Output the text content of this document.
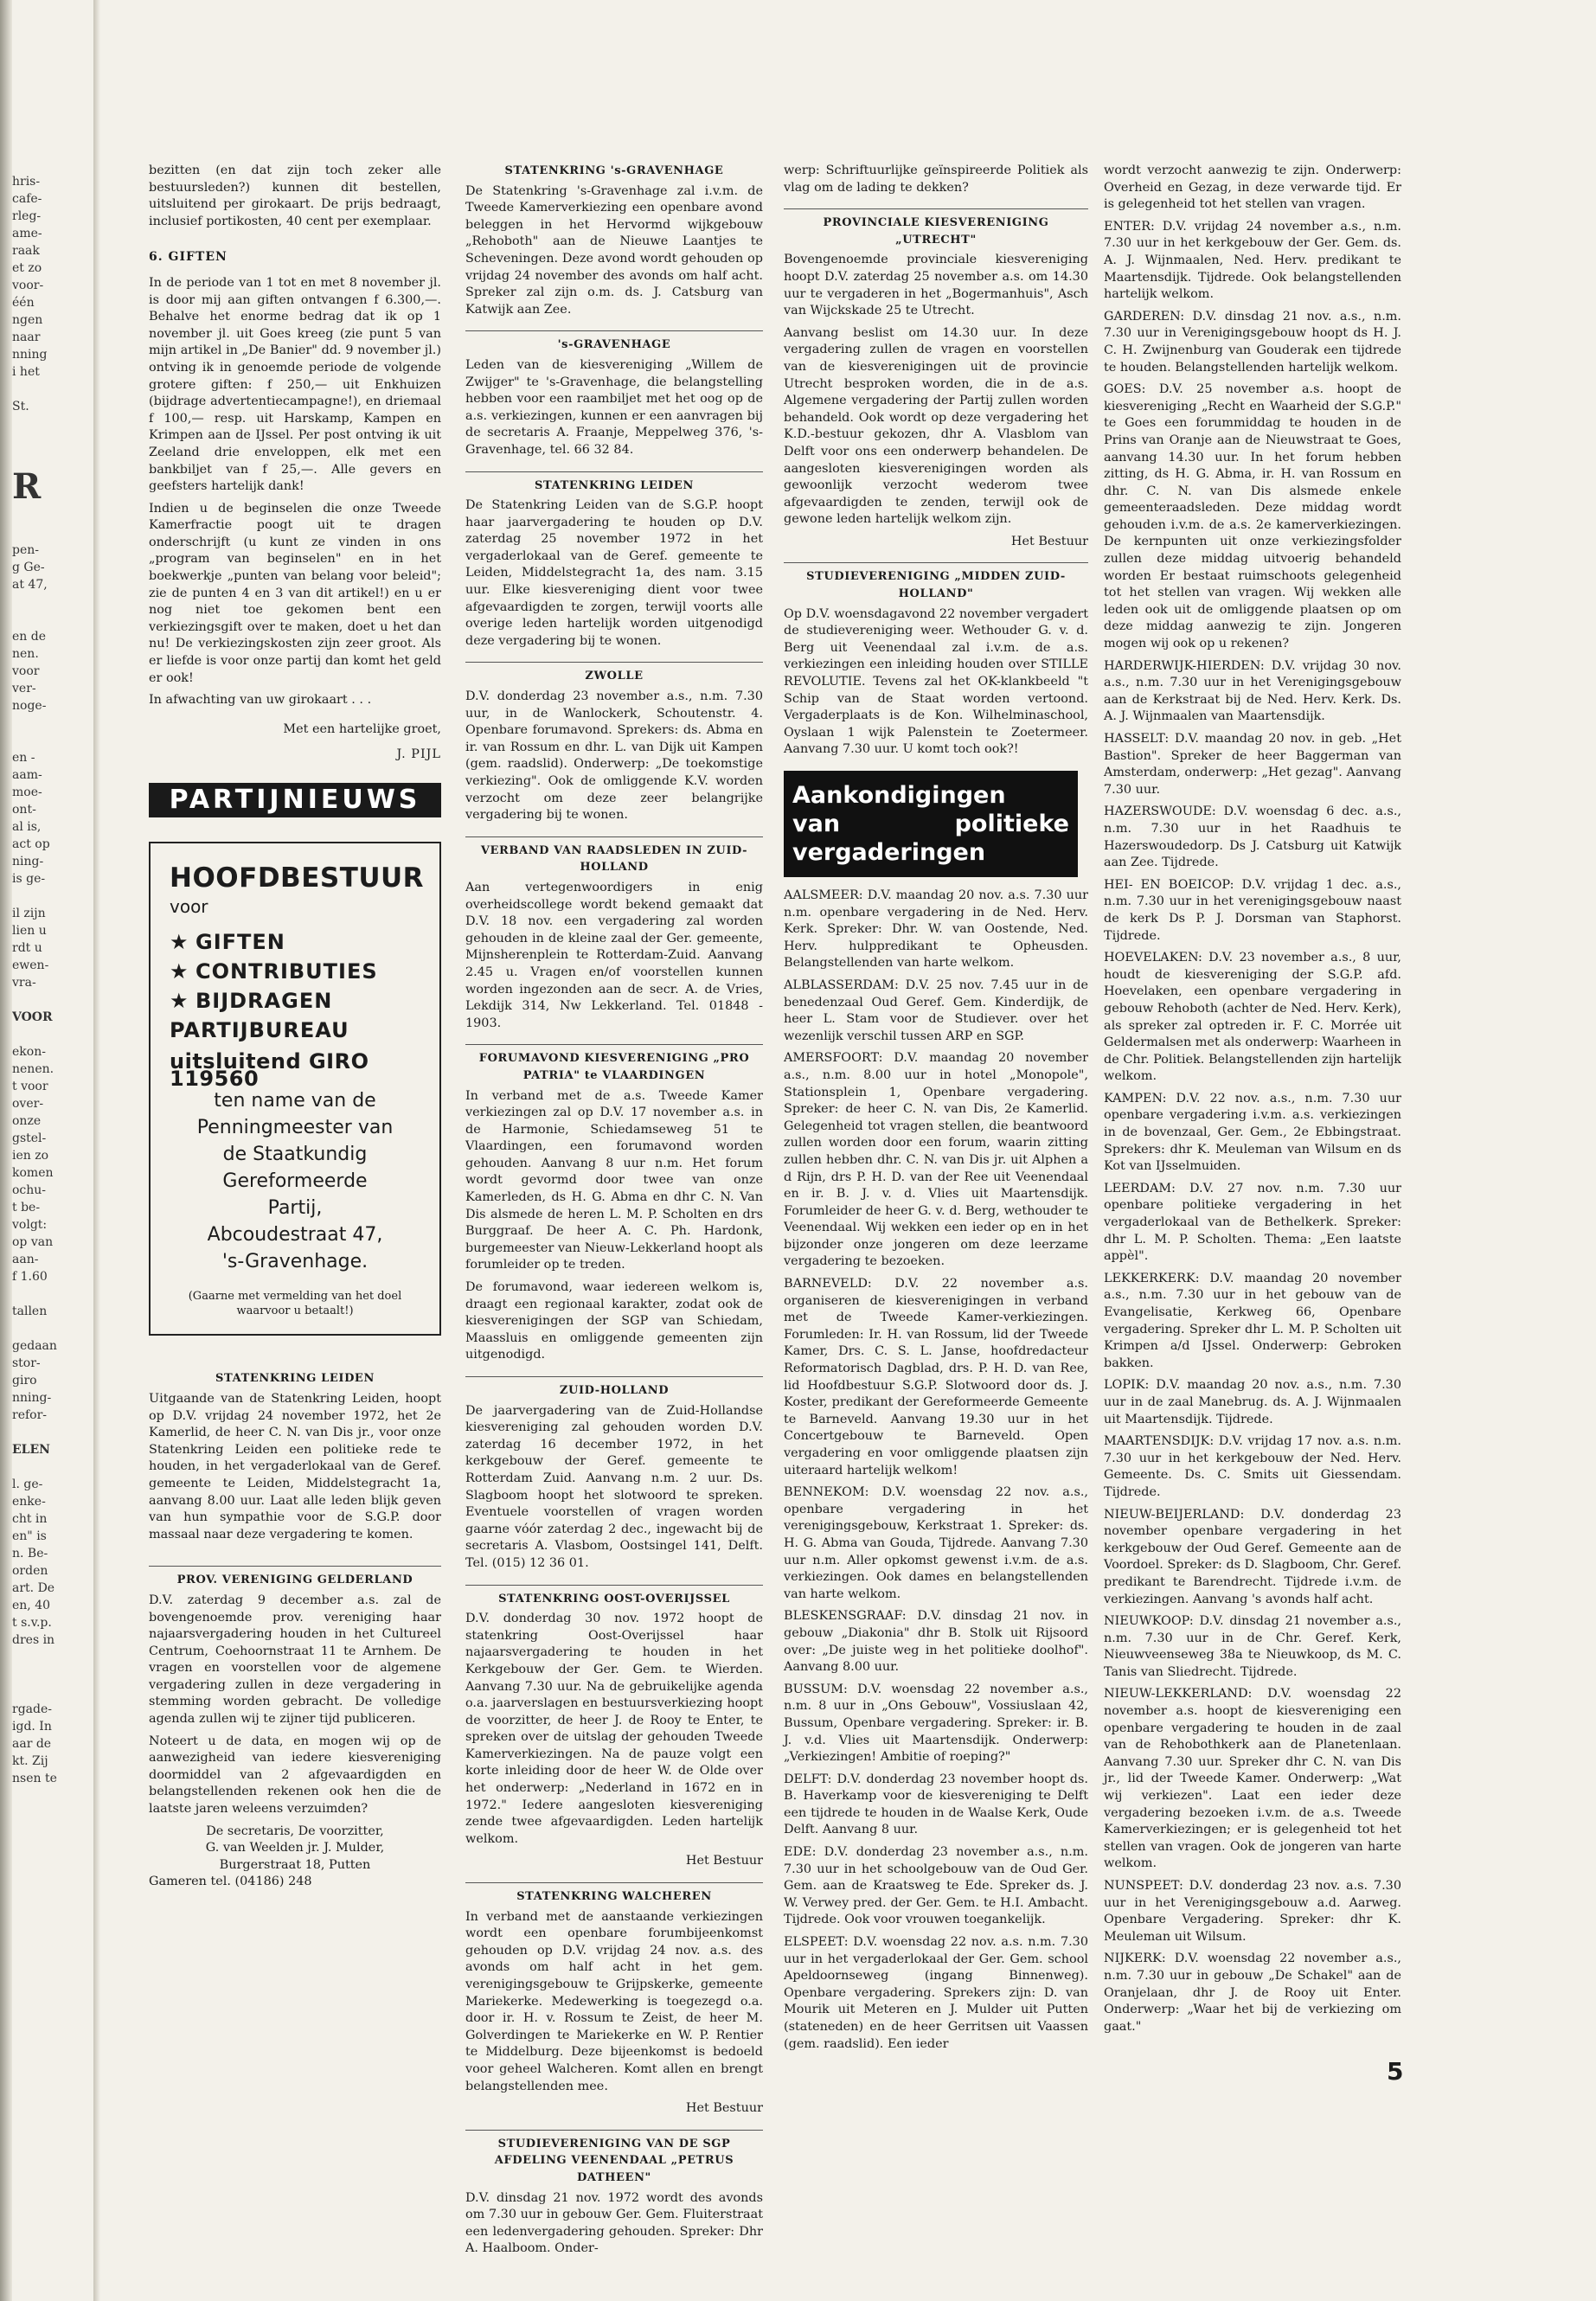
hris-
cafe-
rleg-
ame-
raak
et zo
voor-
één
ngen
naar
nning
i het

St.

R

pen-
g Ge-
at 47,

en de
nen.
voor
ver-
noge-

en -
aam-
moe-
ont-
al is,
act op
ning-
is ge-

il zijn
lien u
rdt u
ewen-
vra-

VOOR

ekon-
nenen.
t voor
over-
onze
gstel-
ien zo
komen
ochu-
t be-
volgt:
op van
aan-
f 1.60

tallen

gedaan
stor-
giro
nning-
refor-

ELEN

l. ge-
enke-
cht in
en" is
n. Be-
orden
art. De
en, 40
t s.v.p.
dres in

rgade-
igd. In
aar de
kt. Zij
nsen te

bezitten (en dat zijn toch zeker alle bestuursleden?) kunnen dit bestellen, uitsluitend per girokaart. De prijs bedraagt, inclusief portikosten, 40 cent per exemplaar.

6. GIFTEN

In de periode van 1 tot en met 8 november jl. is door mij aan giften ontvangen f 6.300,—. Behalve het enorme bedrag dat ik op 1 november jl. uit Goes kreeg (zie punt 5 van mijn artikel in „De Banier" dd. 9 november jl.) ontving ik in genoemde periode de volgende grotere giften: f 250,— uit Enkhuizen (bijdrage advertentiecampagne!), en driemaal f 100,— resp. uit Harskamp, Kampen en Krimpen aan de IJssel. Per post ontving ik uit Zeeland drie enveloppen, elk met een bankbiljet van f 25,—. Alle gevers en geefsters hartelijk dank!

Indien u de beginselen die onze Tweede Kamerfractie poogt uit te dragen onderschrijft (u kunt ze vinden in ons „program van beginselen" en in het boekwerkje „punten van belang voor beleid"; zie de punten 4 en 3 van dit artikel!) en u er nog niet toe gekomen bent een verkiezingsgift over te maken, doet u het dan nu! De verkiezingskosten zijn zeer groot. Als er liefde is voor onze partij dan komt het geld er ook!

In afwachting van uw girokaart . . .

Met een hartelijke groet,

J. PIJL

PARTIJNIEUWS
HOOFDBESTUUR
voor
★ GIFTEN
★ CONTRIBUTIES
★ BIJDRAGEN PARTIJBUREAU
uitsluitend GIRO 119560
ten name van de
Penningmeester van
de Staatkundig
Gereformeerde
Partij,
Abcoudestraat 47,
's-Gravenhage.
(Gaarne met vermelding van het doel waarvoor u betaalt!)
STATENKRING LEIDEN

Uitgaande van de Statenkring Leiden, hoopt op D.V. vrijdag 24 november 1972, het 2e Kamerlid, de heer C. N. van Dis jr., voor onze Statenkring Leiden een politieke rede te houden, in het vergaderlokaal van de Geref. gemeente te Leiden, Middelstegracht 1a, aanvang 8.00 uur. Laat alle leden blijk geven van hun sympathie voor de S.G.P. door massaal naar deze vergadering te komen.

PROV. VERENIGING GELDERLAND

D.V. zaterdag 9 december a.s. zal de bovengenoemde prov. vereniging haar najaarsvergadering houden in het Cultureel Centrum, Coehoornstraat 11 te Arnhem. De vragen en voorstellen voor de algemene vergadering zullen in deze vergadering in stemming worden gebracht. De volledige agenda zullen wij te zijner tijd publiceren.

Noteert u de data, en mogen wij op de aanwezigheid van iedere kiesvereniging doormiddel van 2 afgevaardigden en belangstellenden rekenen ook hen die de laatste jaren weleens verzuimden?

De secretaris, De voorzitter,

G. van Weelden jr. J. Mulder,

Burgerstraat 18, Putten

Gameren tel. (04186) 248

STATENKRING 's-GRAVENHAGE

De Statenkring 's-Gravenhage zal i.v.m. de Tweede Kamerverkiezing een openbare avond beleggen in het Hervormd wijkgebouw „Rehoboth" aan de Nieuwe Laantjes te Scheveningen. Deze avond wordt gehouden op vrijdag 24 november des avonds om half acht. Spreker zal zijn o.m. ds. J. Catsburg van Katwijk aan Zee.

's-GRAVENHAGE

Leden van de kiesvereniging „Willem de Zwijger" te 's-Gravenhage, die belangstelling hebben voor een raambiljet met het oog op de a.s. verkiezingen, kunnen er een aanvragen bij de secretaris A. Fraanje, Meppelweg 376, 's-Gravenhage, tel. 66 32 84.

STATENKRING LEIDEN

De Statenkring Leiden van de S.G.P. hoopt haar jaarvergadering te houden op D.V. zaterdag 25 november 1972 in het vergaderlokaal van de Geref. gemeente te Leiden, Middelstegracht 1a, des nam. 3.15 uur. Elke kiesvereniging dient voor twee afgevaardigden te zorgen, terwijl voorts alle overige leden hartelijk worden uitgenodigd deze vergadering bij te wonen.

ZWOLLE

D.V. donderdag 23 november a.s., n.m. 7.30 uur, in de Wanlockerk, Schoutenstr. 4. Openbare forumavond. Sprekers: ds. Abma en ir. van Rossum en dhr. L. van Dijk uit Kampen (gem. raadslid). Onderwerp: „De toekomstige verkiezing". Ook de omliggende K.V. worden verzocht om deze zeer belangrijke vergadering bij te wonen.

VERBAND VAN RAADSLEDEN IN ZUID-HOLLAND

Aan vertegenwoordigers in enig overheidscollege wordt bekend gemaakt dat D.V. 18 nov. een vergadering zal worden gehouden in de kleine zaal der Ger. gemeente, Mijnsherenplein te Rotterdam-Zuid. Aanvang 2.45 u. Vragen en/of voorstellen kunnen worden ingezonden aan de secr. A. de Vries, Lekdijk 314, Nw Lekkerland. Tel. 01848 - 1903.

FORUMAVOND KIESVERENIGING „PRO PATRIA" te VLAARDINGEN

In verband met de a.s. Tweede Kamer verkiezingen zal op D.V. 17 november a.s. in de Harmonie, Schiedamseweg 51 te Vlaardingen, een forumavond worden gehouden. Aanvang 8 uur n.m. Het forum wordt gevormd door twee van onze Kamerleden, ds H. G. Abma en dhr C. N. Van Dis alsmede de heren L. M. P. Scholten en drs Burggraaf. De heer A. C. Ph. Hardonk, burgemeester van Nieuw-Lekkerland hoopt als forumleider op te treden.

De forumavond, waar iedereen welkom is, draagt een regionaal karakter, zodat ook de kiesverenigingen der SGP van Schiedam, Maassluis en omliggende gemeenten zijn uitgenodigd.

ZUID-HOLLAND

De jaarvergadering van de Zuid-Hollandse kiesvereniging zal gehouden worden D.V. zaterdag 16 december 1972, in het kerkgebouw der Geref. gemeente te Rotterdam Zuid. Aanvang n.m. 2 uur. Ds. Slagboom hoopt het slotwoord te spreken. Eventuele voorstellen of vragen worden gaarne vóór zaterdag 2 dec., ingewacht bij de secretaris A. Vlasbom, Oostsingel 141, Delft. Tel. (015) 12 36 01.

STATENKRING OOST-OVERIJSSEL

D.V. donderdag 30 nov. 1972 hoopt de statenkring Oost-Overijssel haar najaarsvergadering te houden in het Kerkgebouw der Ger. Gem. te Wierden. Aanvang 7.30 uur. Na de gebruikelijke agenda o.a. jaarverslagen en bestuursverkiezing hoopt de voorzitter, de heer J. de Rooy te Enter, te spreken over de uitslag der gehouden Tweede Kamerverkiezingen. Na de pauze volgt een korte inleiding door de heer W. de Olde over het onderwerp: „Nederland in 1672 en in 1972." Iedere aangesloten kiesvereniging zende twee afgevaardigden. Leden hartelijk welkom.

Het Bestuur

STATENKRING WALCHEREN

In verband met de aanstaande verkiezingen wordt een openbare forumbijeenkomst gehouden op D.V. vrijdag 24 nov. a.s. des avonds om half acht in het gem. verenigingsgebouw te Grijpskerke, gemeente Mariekerke. Medewerking is toegezegd o.a. door ir. H. v. Rossum te Zeist, de heer M. Golverdingen te Mariekerke en W. P. Rentier te Middelburg. Deze bijeenkomst is bedoeld voor geheel Walcheren. Komt allen en brengt belangstellenden mee.

Het Bestuur

STUDIEVERENIGING VAN DE SGP AFDELING VEENENDAAL „PETRUS DATHEEN"

D.V. dinsdag 21 nov. 1972 wordt des avonds om 7.30 uur in gebouw Ger. Gem. Fluiterstraat een ledenvergadering gehouden. Spreker: Dhr A. Haalboom. Onder-

werp: Schriftuurlijke geïnspireerde Politiek als vlag om de lading te dekken?

PROVINCIALE KIESVERENIGING „UTRECHT"

Bovengenoemde provinciale kiesvereniging hoopt D.V. zaterdag 25 november a.s. om 14.30 uur te vergaderen in het „Bogermanhuis", Asch van Wijckskade 25 te Utrecht.

Aanvang beslist om 14.30 uur. In deze vergadering zullen de vragen en voorstellen van de kiesverenigingen uit de provincie Utrecht besproken worden, die in de a.s. Algemene vergadering der Partij zullen worden behandeld. Ook wordt op deze vergadering het K.D.-bestuur gekozen, dhr A. Vlasblom van Delft voor ons een onderwerp behandelen. De aangesloten kiesverenigingen worden als gewoonlijk verzocht wederom twee afgevaardigden te zenden, terwijl ook de gewone leden hartelijk welkom zijn.

Het Bestuur

STUDIEVERENIGING „MIDDEN ZUID-HOLLAND"

Op D.V. woensdagavond 22 november vergadert de studievereniging weer. Wethouder G. v. d. Berg uit Veenendaal zal i.v.m. de a.s. verkiezingen een inleiding houden over STILLE REVOLUTIE. Tevens zal het OK-klankbeeld "t Schip van de Staat worden vertoond. Vergaderplaats is de Kon. Wilhelminaschool, Oyslaan 1 wijk Palenstein te Zoetermeer. Aanvang 7.30 uur. U komt toch ook?!

Aankondigingen
van politieke vergaderingen

AALSMEER: D.V. maandag 20 nov. a.s. 7.30 uur n.m. openbare vergadering in de Ned. Herv. Kerk. Spreker: Dhr. W. van Oostende, Ned. Herv. hulppredikant te Opheusden. Belangstellenden van harte welkom.

ALBLASSERDAM: D.V. 25 nov. 7.45 uur in de benedenzaal Oud Geref. Gem. Kinderdijk, de heer L. Stam voor de Studiever. over het wezenlijk verschil tussen ARP en SGP.

AMERSFOORT: D.V. maandag 20 november a.s., n.m. 8.00 uur in hotel „Monopole", Stationsplein 1, Openbare vergadering. Spreker: de heer C. N. van Dis, 2e Kamerlid. Gelegenheid tot vragen stellen, die beantwoord zullen worden door een forum, waarin zitting zullen hebben dhr. C. N. van Dis jr. uit Alphen a d Rijn, drs P. H. D. van der Ree uit Veenendaal en ir. B. J. v. d. Vlies uit Maartensdijk. Forumleider de heer G. v. d. Berg, wethouder te Veenendaal. Wij wekken een ieder op en in het bijzonder onze jongeren om deze leerzame vergadering te bezoeken.

BARNEVELD: D.V. 22 november a.s. organiseren de kiesverenigingen in verband met de Tweede Kamer-verkiezingen. Forumleden: Ir. H. van Rossum, lid der Tweede Kamer, Drs. C. S. L. Janse, hoofdredacteur Reformatorisch Dagblad, drs. P. H. D. van Ree, lid Hoofdbestuur S.G.P. Slotwoord door ds. J. Koster, predikant der Gereformeerde Gemeente te Barneveld. Aanvang 19.30 uur in het Concertgebouw te Barneveld. Open vergadering en voor omliggende plaatsen zijn uiteraard hartelijk welkom!

BENNEKOM: D.V. woensdag 22 nov. a.s., openbare vergadering in het verenigingsgebouw, Kerkstraat 1. Spreker: ds. H. G. Abma van Gouda, Tijdrede. Aanvang 7.30 uur n.m. Aller opkomst gewenst i.v.m. de a.s. verkiezingen. Ook dames en belangstellenden van harte welkom.

BLESKENSGRAAF: D.V. dinsdag 21 nov. in gebouw „Diakonia" dhr B. Stolk uit Rijsoord over: „De juiste weg in het politieke doolhof". Aanvang 8.00 uur.

BUSSUM: D.V. woensdag 22 november a.s., n.m. 8 uur in „Ons Gebouw", Vossiuslaan 42, Bussum, Openbare vergadering. Spreker: ir. B. J. v.d. Vlies uit Maartensdijk. Onderwerp: „Verkiezingen! Ambitie of roeping?"

DELFT: D.V. donderdag 23 november hoopt ds. B. Haverkamp voor de kiesvereniging te Delft een tijdrede te houden in de Waalse Kerk, Oude Delft. Aanvang 8 uur.

EDE: D.V. donderdag 23 november a.s., n.m. 7.30 uur in het schoolgebouw van de Oud Ger. Gem. aan de Kraatsweg te Ede. Spreker ds. J. W. Verwey pred. der Ger. Gem. te H.I. Ambacht. Tijdrede. Ook voor vrouwen toegankelijk.

ELSPEET: D.V. woensdag 22 nov. a.s. n.m. 7.30 uur in het vergaderlokaal der Ger. Gem. school Apeldoornseweg (ingang Binnenweg). Openbare vergadering. Sprekers zijn: D. van Mourik uit Meteren en J. Mulder uit Putten (stateneden) en de heer Gerritsen uit Vaassen (gem. raadslid). Een ieder

wordt verzocht aanwezig te zijn. Onderwerp: Overheid en Gezag, in deze verwarde tijd. Er is gelegenheid tot het stellen van vragen.

ENTER: D.V. vrijdag 24 november a.s., n.m. 7.30 uur in het kerkgebouw der Ger. Gem. ds. A. J. Wijnmaalen, Ned. Herv. predikant te Maartensdijk. Tijdrede. Ook belangstellenden hartelijk welkom.

GARDEREN: D.V. dinsdag 21 nov. a.s., n.m. 7.30 uur in Verenigingsgebouw hoopt ds H. J. C. H. Zwijnenburg van Gouderak een tijdrede te houden. Belangstellenden hartelijk welkom.

GOES: D.V. 25 november a.s. hoopt de kiesvereniging „Recht en Waarheid der S.G.P." te Goes een forummiddag te houden in de Prins van Oranje aan de Nieuwstraat te Goes, aanvang 14.30 uur. In het forum hebben zitting, ds H. G. Abma, ir. H. van Rossum en dhr. C. N. van Dis alsmede enkele gemeenteraadsleden. Deze middag wordt gehouden i.v.m. de a.s. 2e kamerverkiezingen. De kernpunten uit onze verkiezingsfolder zullen deze middag uitvoerig behandeld worden Er bestaat ruimschoots gelegenheid tot het stellen van vragen. Wij wekken alle leden ook uit de omliggende plaatsen op om deze middag aanwezig te zijn. Jongeren mogen wij ook op u rekenen?

HARDERWIJK-HIERDEN: D.V. vrijdag 30 nov. a.s., n.m. 7.30 uur in het Verenigingsgebouw aan de Kerkstraat bij de Ned. Herv. Kerk. Ds. A. J. Wijnmaalen van Maartensdijk.

HASSELT: D.V. maandag 20 nov. in geb. „Het Bastion". Spreker de heer Baggerman van Amsterdam, onderwerp: „Het gezag". Aanvang 7.30 uur.

HAZERSWOUDE: D.V. woensdag 6 dec. a.s., n.m. 7.30 uur in het Raadhuis te Hazerswoudedorp. Ds J. Catsburg uit Katwijk aan Zee. Tijdrede.

HEI- EN BOEICOP: D.V. vrijdag 1 dec. a.s., n.m. 7.30 uur in het verenigingsgebouw naast de kerk Ds P. J. Dorsman van Staphorst. Tijdrede.

HOEVELAKEN: D.V. 23 november a.s., 8 uur, houdt de kiesvereniging der S.G.P. afd. Hoevelaken, een openbare vergadering in gebouw Rehoboth (achter de Ned. Herv. Kerk), als spreker zal optreden ir. F. C. Morrée uit Geldermalsen met als onderwerp: Waarheen in de Chr. Politiek. Belangstellenden zijn hartelijk welkom.

KAMPEN: D.V. 22 nov. a.s., n.m. 7.30 uur openbare vergadering i.v.m. a.s. verkiezingen in de bovenzaal, Ger. Gem., 2e Ebbingstraat. Sprekers: dhr K. Meuleman van Wilsum en ds Kot van IJsselmuiden.

LEERDAM: D.V. 27 nov. n.m. 7.30 uur openbare politieke vergadering in het vergaderlokaal van de Bethelkerk. Spreker: dhr L. M. P. Scholten. Thema: „Een laatste appèl".

LEKKERKERK: D.V. maandag 20 november a.s., n.m. 7.30 uur in het gebouw van de Evangelisatie, Kerkweg 66, Openbare vergadering. Spreker dhr L. M. P. Scholten uit Krimpen a/d IJssel. Onderwerp: Gebroken bakken.

LOPIK: D.V. maandag 20 nov. a.s., n.m. 7.30 uur in de zaal Manebrug. ds. A. J. Wijnmaalen uit Maartensdijk. Tijdrede.

MAARTENSDIJK: D.V. vrijdag 17 nov. a.s. n.m. 7.30 uur in het kerkgebouw der Ned. Herv. Gemeente. Ds. C. Smits uit Giessendam. Tijdrede.

NIEUW-BEIJERLAND: D.V. donderdag 23 november openbare vergadering in het kerkgebouw der Oud Geref. Gemeente aan de Voordoel. Spreker: ds D. Slagboom, Chr. Geref. predikant te Barendrecht. Tijdrede i.v.m. de verkiezingen. Aanvang 's avonds half acht.

NIEUWKOOP: D.V. dinsdag 21 november a.s., n.m. 7.30 uur in de Chr. Geref. Kerk, Nieuwveenseweg 38a te Nieuwkoop, ds M. C. Tanis van Sliedrecht. Tijdrede.

NIEUW-LEKKERLAND: D.V. woensdag 22 november a.s. hoopt de kiesvereniging een openbare vergadering te houden in de zaal van de Rehobothkerk aan de Planetenlaan. Aanvang 7.30 uur. Spreker dhr C. N. van Dis jr., lid der Tweede Kamer. Onderwerp: „Wat wij verkiezen". Laat een ieder deze vergadering bezoeken i.v.m. de a.s. Tweede Kamerverkiezingen; er is gelegenheid tot het stellen van vragen. Ook de jongeren van harte welkom.

NUNSPEET: D.V. donderdag 23 nov. a.s. 7.30 uur in het Verenigingsgebouw a.d. Aarweg. Openbare Vergadering. Spreker: dhr K. Meuleman uit Wilsum.

NIJKERK: D.V. woensdag 22 november a.s., n.m. 7.30 uur in gebouw „De Schakel" aan de Oranjelaan, dhr J. de Rooy uit Enter. Onderwerp: „Waar het bij de verkiezing om gaat."

5
